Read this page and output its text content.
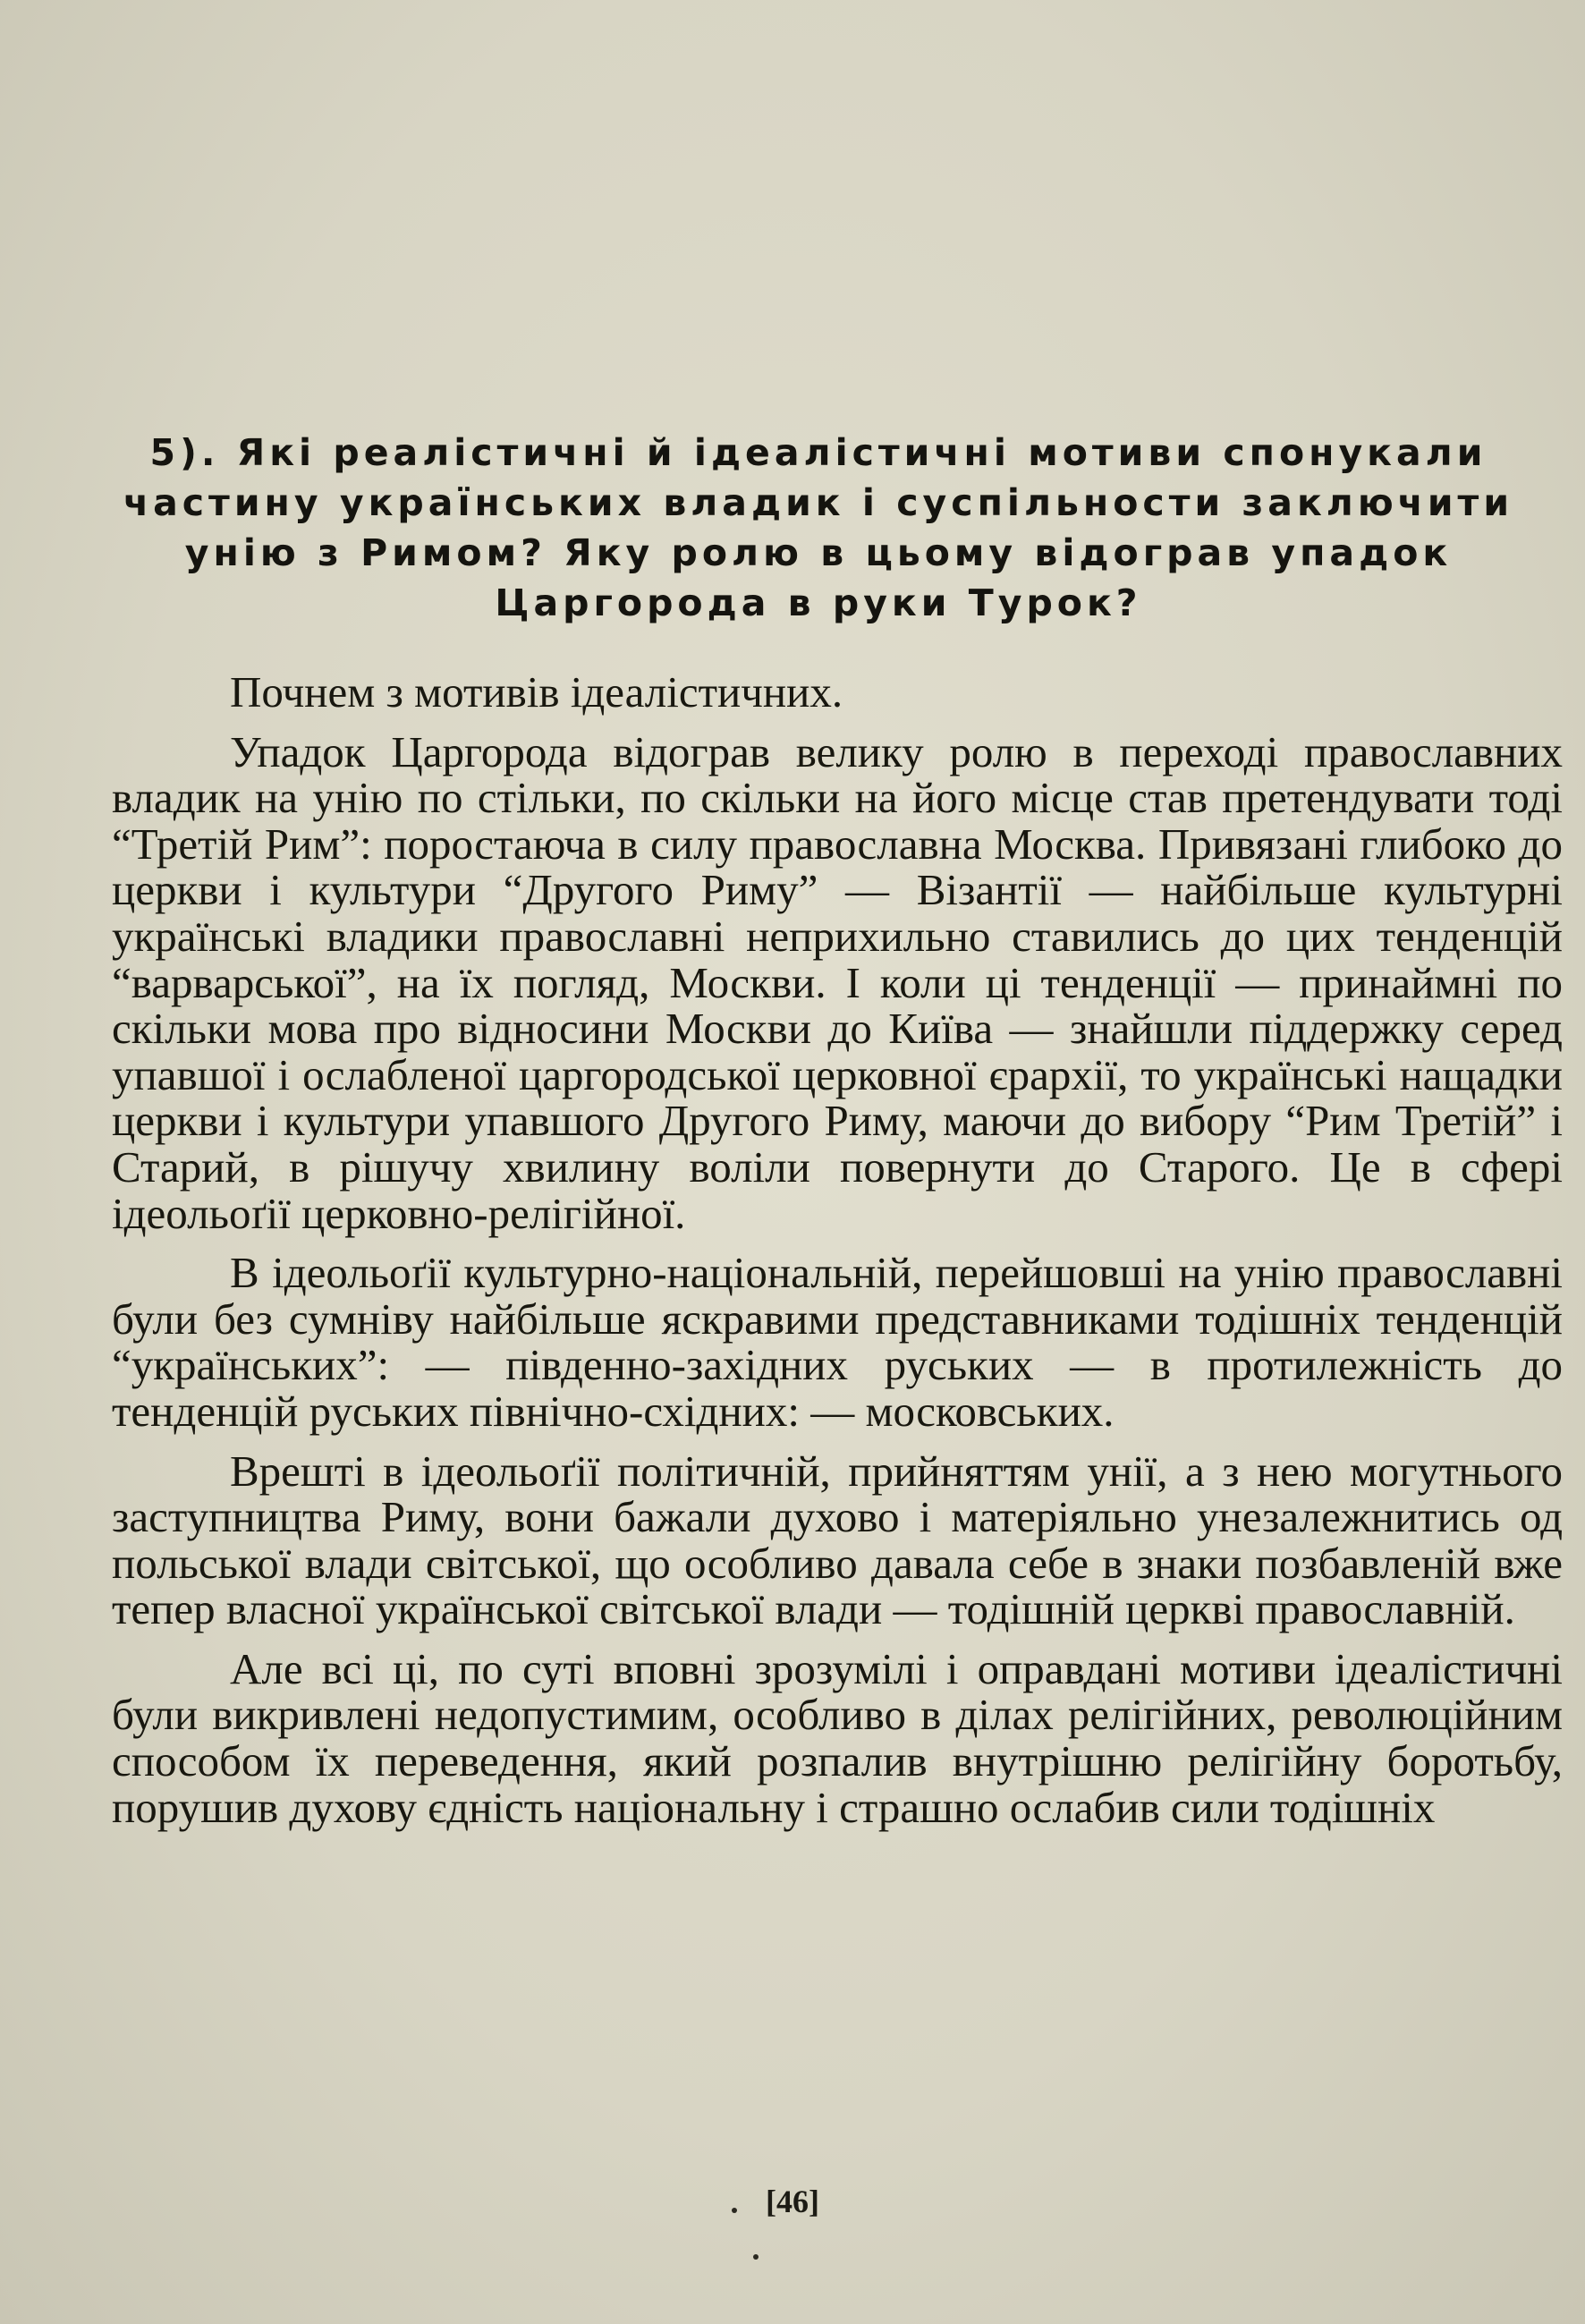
5). Які реалістичні й ідеалістичні мотиви спонукали частину українських владик і суспільности заключити унію з Римом? Яку ролю в цьому відограв упадок Царгорода в руки Турок?

Почнем з мотивів ідеалістичних.

Упадок Царгорода відограв велику ролю в переході православних владик на унію по стільки, по скільки на його місце став претендувати тоді “Третій Рим”: поростаюча в силу православна Москва. Привязані глибоко до церкви і культури “Другого Риму” — Візантії — найбільше культурні українські владики православні неприхильно ставились до цих тенденцій “варварської”, на їх погляд, Москви. І коли ці тенденції — принаймні по скільки мова про відносини Москви до Київа — знайшли піддержку серед упавшої і ослабленої царгородської церковної єрархії, то українські нащадки церкви і культури упавшого Другого Риму, маючи до вибору “Рим Третій” і Старий, в рішучу хвилину воліли повернути до Старого. Це в сфері ідеольоґії церковно-релігійної.

В ідеольоґії культурно-національній, перейшовші на унію православні були без сумніву найбільше яскравими представниками тодішніх тенденцій “українських”: — південно-західних руських — в протилежність до тенденцій руських північно-східних: — московських.

Врешті в ідеольоґії політичній, прийняттям унії, а з нею могутнього заступництва Риму, вони бажали духово і матеріяльно унезалежнитись од польської влади світської, що особливо давала себе в знаки позбавленій вже тепер власної української світської влади — тодішній церкві православній.

Але всі ці, по суті вповні зрозумілі і оправдані мотиви ідеалістичні були викривлені недопустимим, особливо в ділах релігійних, революційним способом їх переведення, який розпалив внутрішню релігійну боротьбу, порушив духову єдність національну і страшно ослабив сили тодішніх

[46]
